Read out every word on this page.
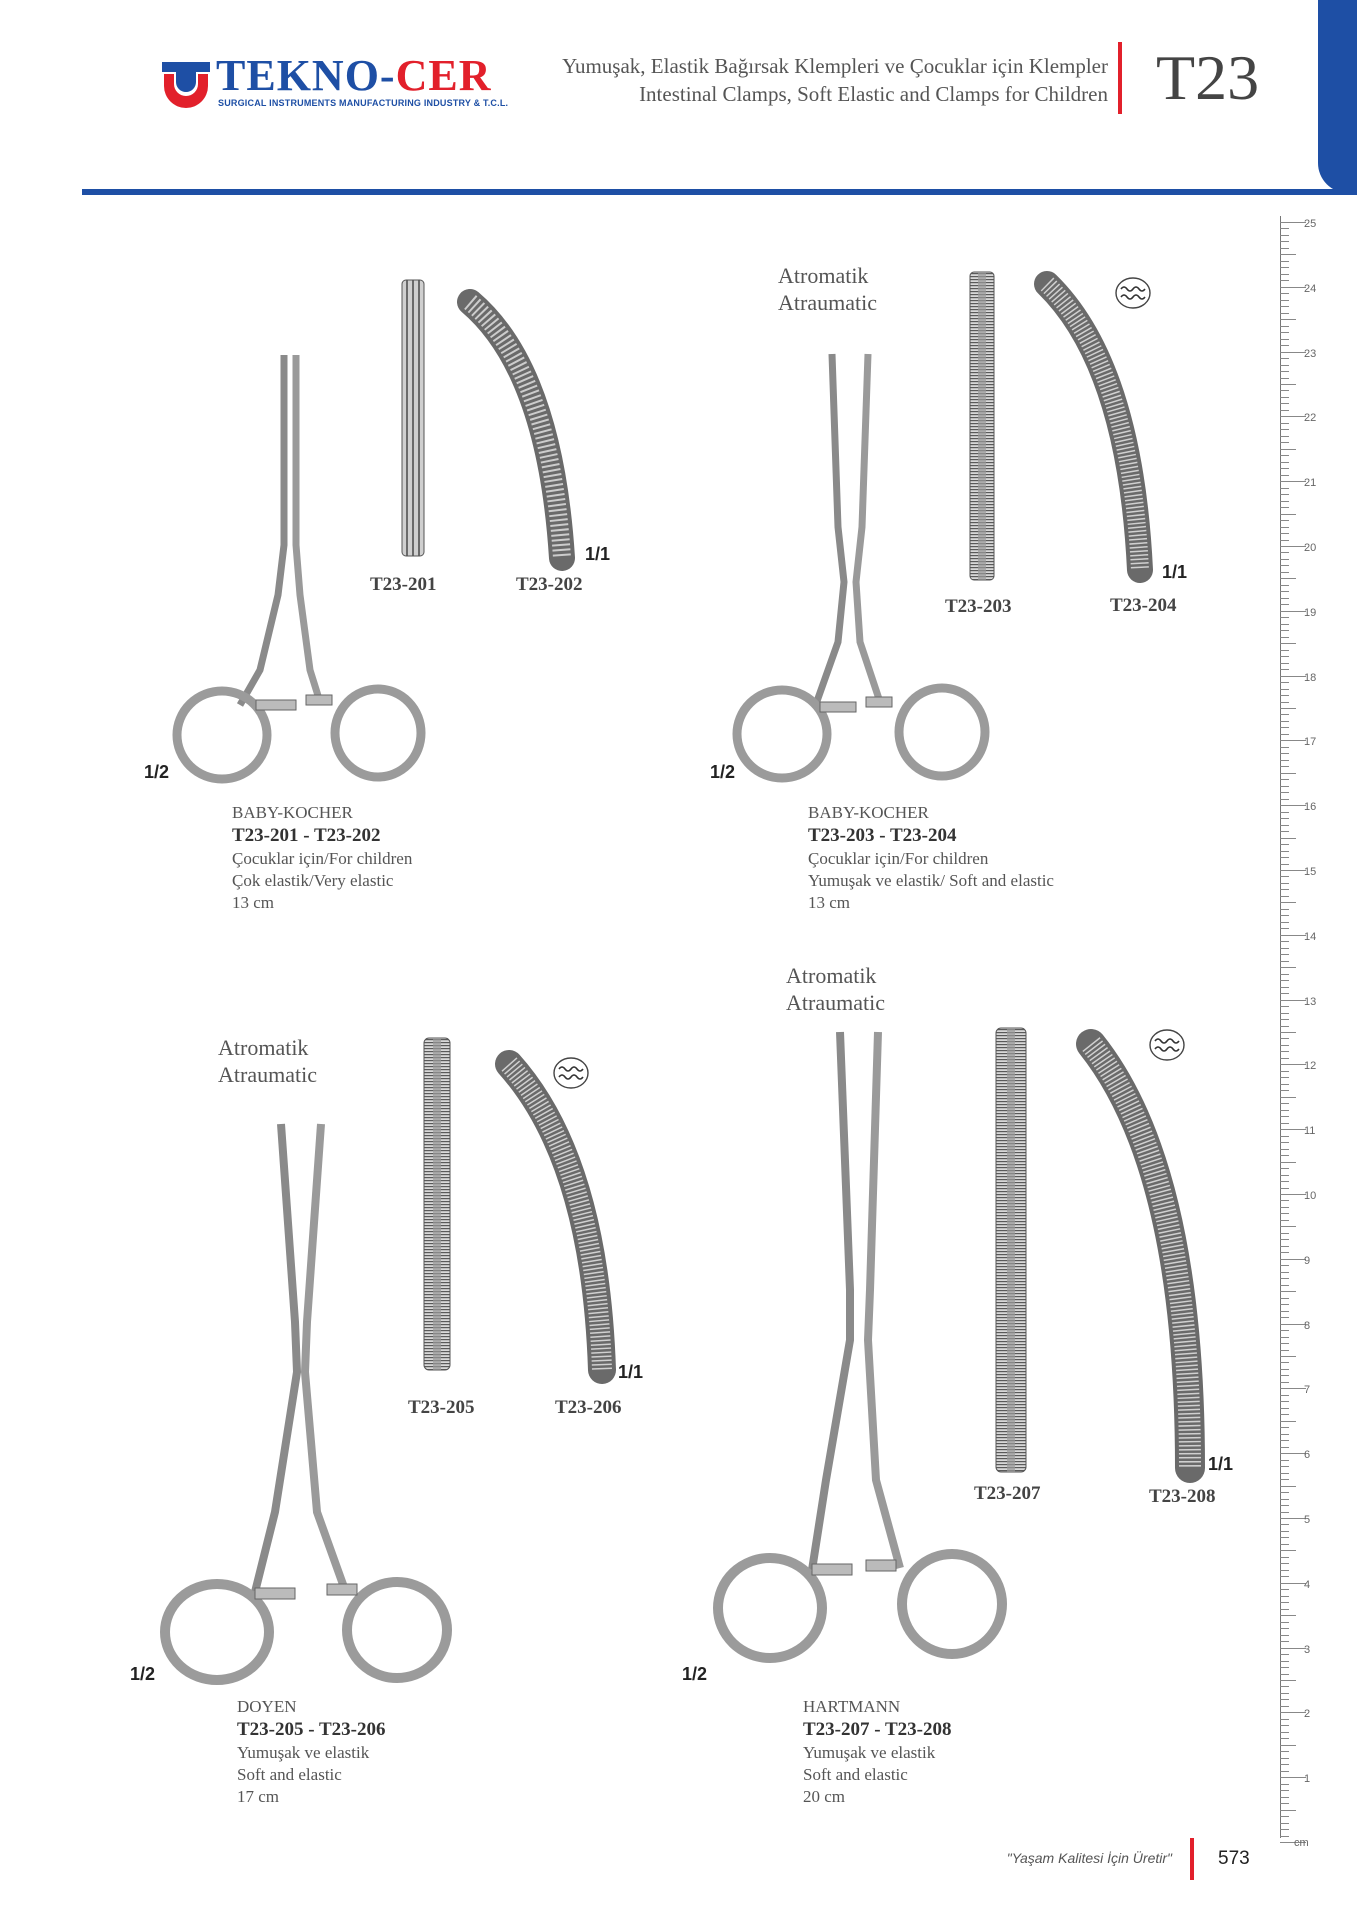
TEKNO-CER
SURGICAL INSTRUMENTS MANUFACTURING INDUSTRY & T.C.L.
Yumuşak, Elastik Bağırsak Klempleri ve Çocuklar için Klempler
Intestinal Clamps, Soft Elastic and Clamps for Children T23
25
24
23
22
21
20
19
18
17
16
15
14
13
12
11
10
9
8
7
6
5
4
3
2
1
cm
1/2
1/1
T23-201	T23-202
BABY-KOCHER
T23-201 - T23-202
Çocuklar için/For children
Çok elastik/Very elastic
13 cm
Atromatik
Atraumatic
1/2
1/1
T23-203	T23-204
BABY-KOCHER
T23-203 - T23-204
Çocuklar için/For children
Yumuşak ve elastik/ Soft and elastic
13 cm
Atromatik
Atraumatic
1/2
1/1
T23-205	T23-206
DOYEN
T23-205 - T23-206
Yumuşak ve elastik
Soft and elastic
17 cm
Atromatik
Atraumatic
1/2
1/1
T23-207	T23-208
HARTMANN
T23-207 - T23-208
Yumuşak ve elastik
Soft and elastic
20 cm
"Yaşam Kalitesi İçin Üretir" 573
